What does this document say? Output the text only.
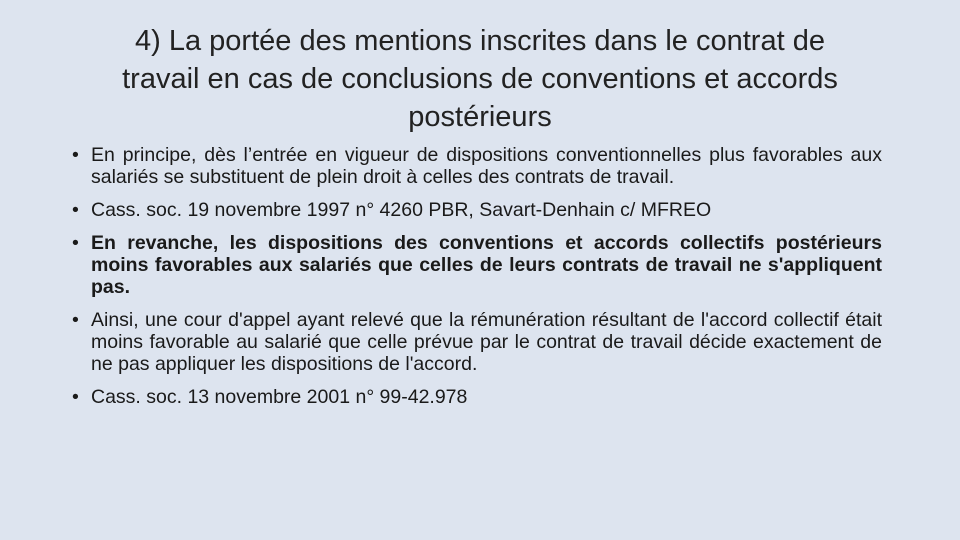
4) La portée des mentions inscrites dans le contrat de
travail en cas de conclusions de conventions et accords
postérieurs
• En principe, dès l’entrée en vigueur de dispositions conventionnelles plus favorables aux salariés se substituent de plein droit à celles des contrats de travail.
• Cass. soc. 19 novembre 1997 n° 4260 PBR, Savart-Denhain c/ MFREO
• En revanche, les dispositions des conventions et accords collectifs postérieurs moins favorables aux salariés que celles de leurs contrats de travail ne s'appliquent pas.
• Ainsi, une cour d'appel ayant relevé que la rémunération résultant de l'accord collectif était moins favorable au salarié que celle prévue par le contrat de travail décide exactement de ne pas appliquer les dispositions de l'accord.
• Cass. soc. 13 novembre 2001 n° 99-42.978
